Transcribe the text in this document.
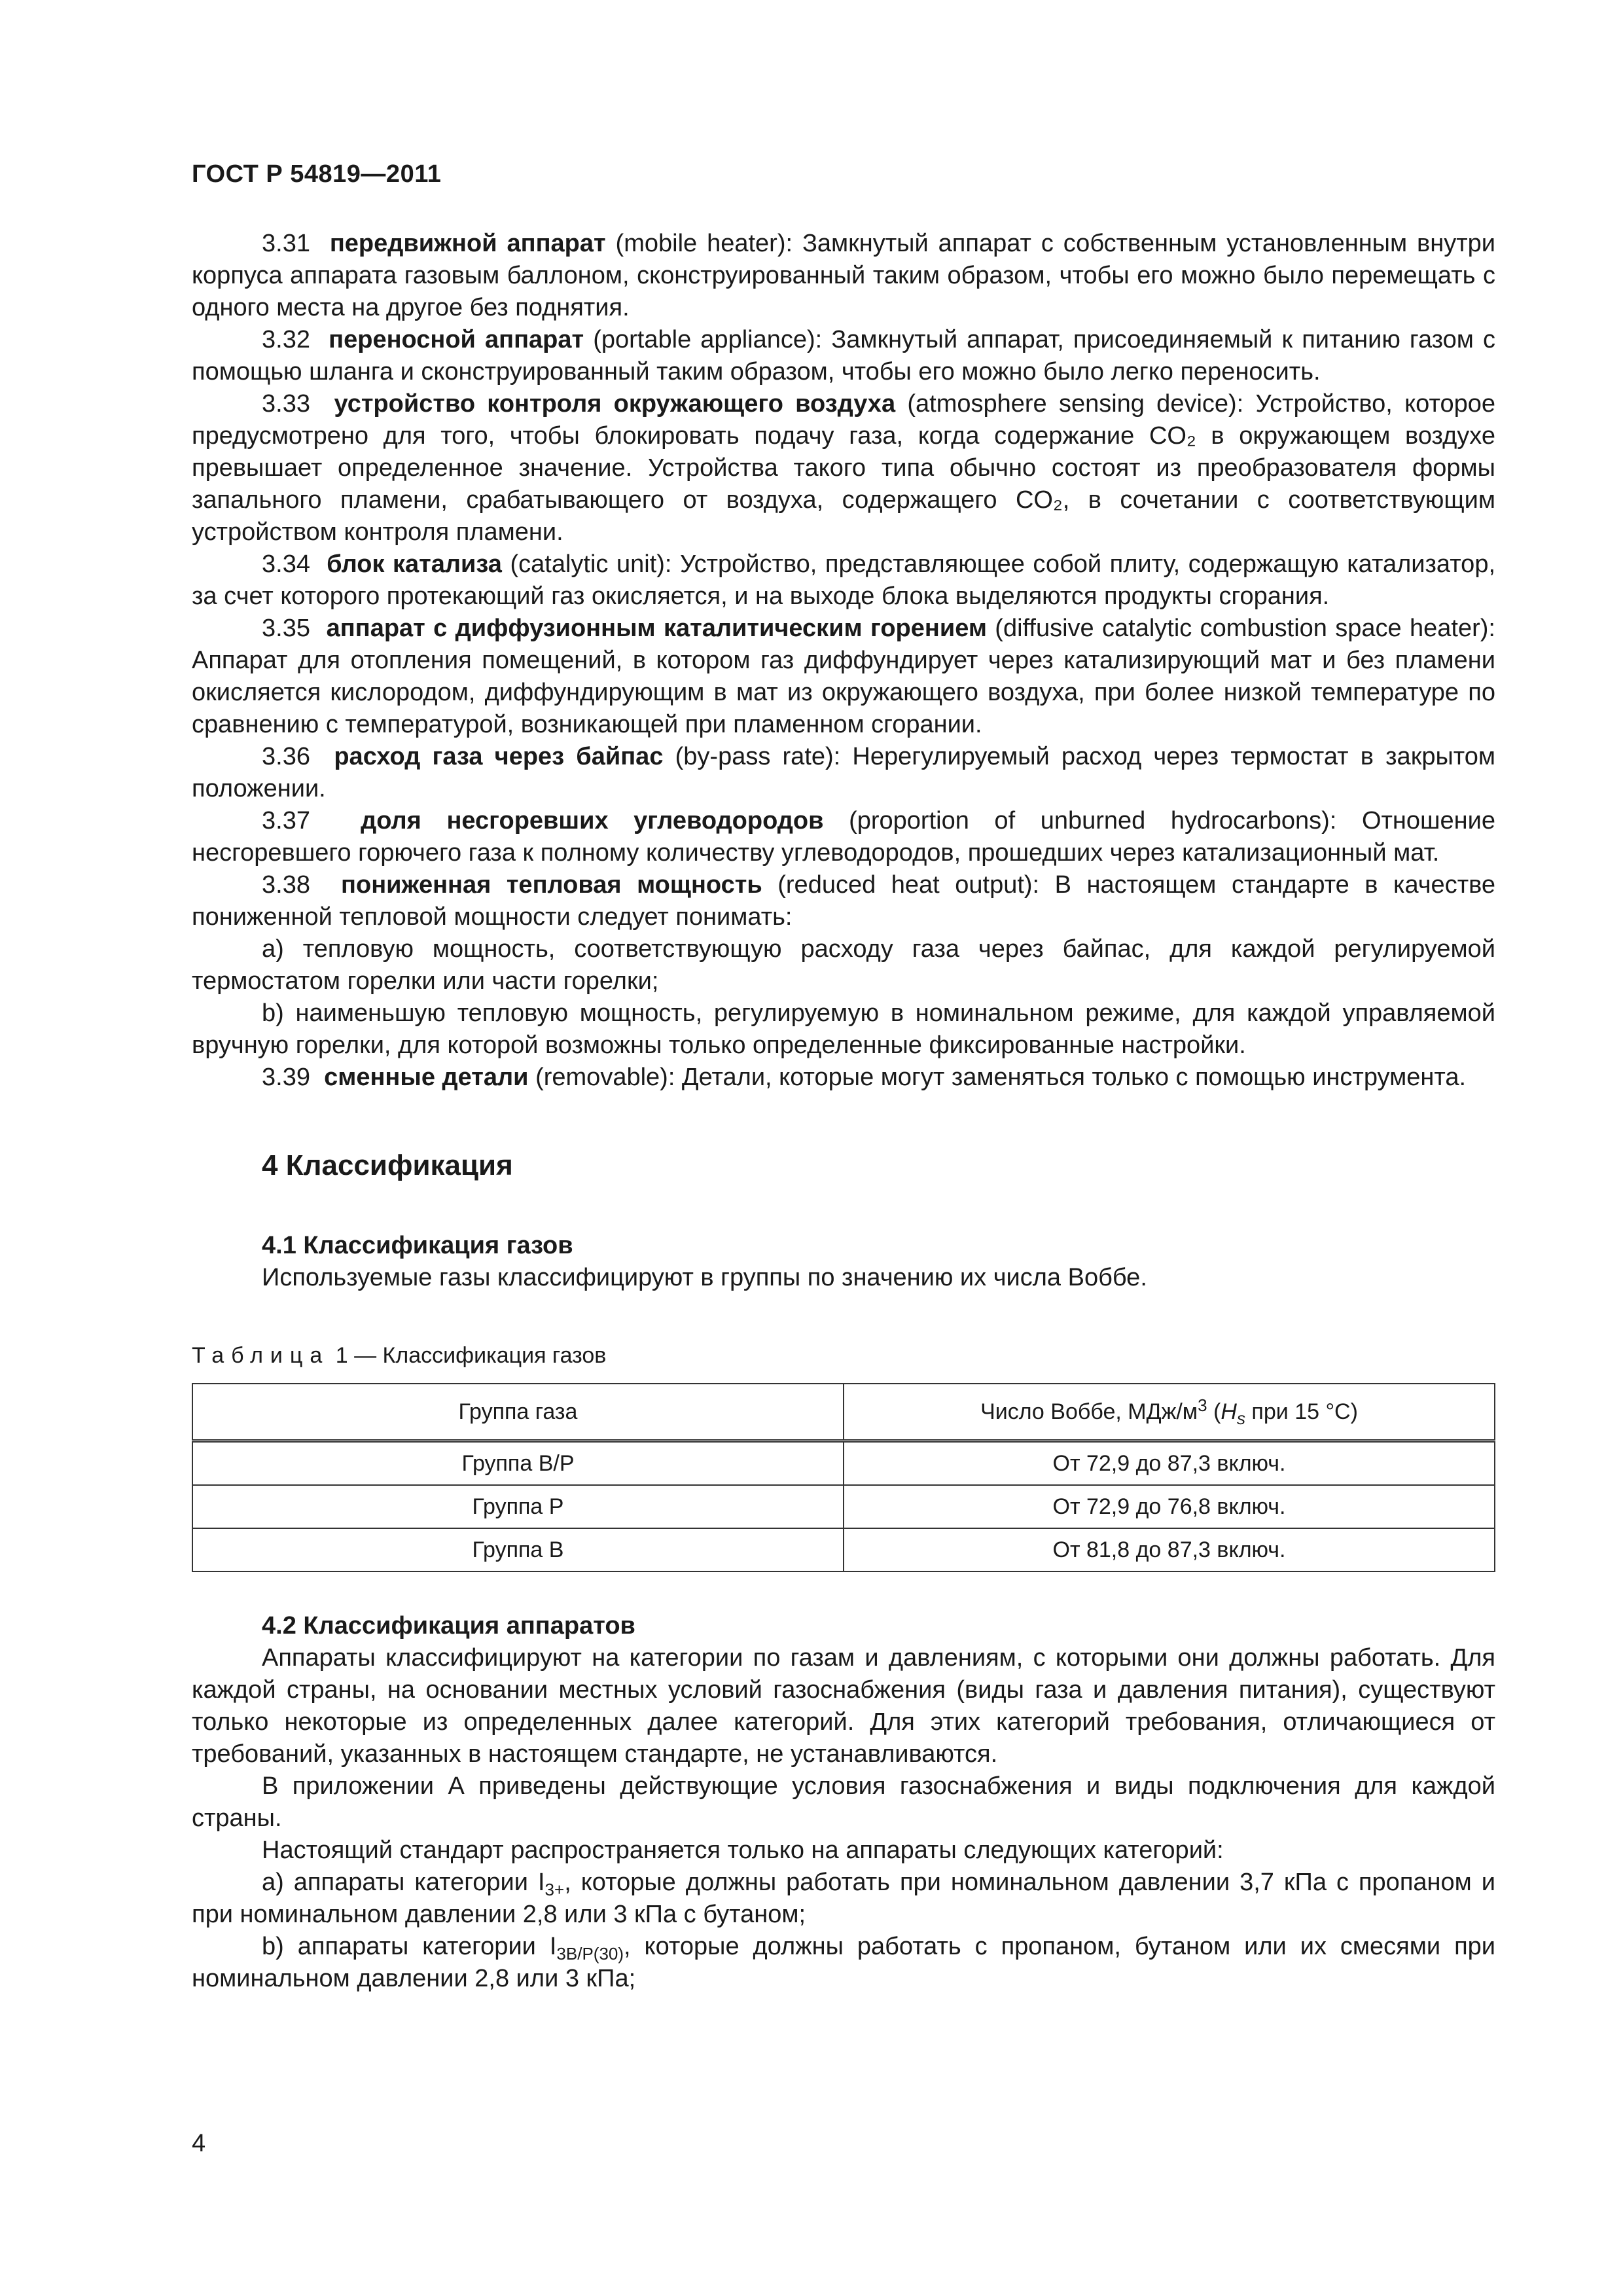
ГОСТ Р 54819—2011

3.31 передвижной аппарат (mobile heater): Замкнутый аппарат с собственным установленным внутри корпуса аппарата газовым баллоном, сконструированный таким образом, чтобы его можно было перемещать с одного места на другое без поднятия.

3.32 переносной аппарат (portable appliance): Замкнутый аппарат, присоединяемый к питанию газом с помощью шланга и сконструированный таким образом, чтобы его можно было легко переносить.

3.33 устройство контроля окружающего воздуха (atmosphere sensing device): Устройство, которое предусмотрено для того, чтобы блокировать подачу газа, когда содержание CO₂ в окружающем воздухе превышает определенное значение. Устройства такого типа обычно состоят из преобразователя формы запального пламени, срабатывающего от воздуха, содержащего CO₂, в сочетании с соответствующим устройством контроля пламени.

3.34 блок катализа (catalytic unit): Устройство, представляющее собой плиту, содержащую катализатор, за счет которого протекающий газ окисляется, и на выходе блока выделяются продукты сгорания.

3.35 аппарат с диффузионным каталитическим горением (diffusive catalytic combustion space heater): Аппарат для отопления помещений, в котором газ диффундирует через катализирующий мат и без пламени окисляется кислородом, диффундирующим в мат из окружающего воздуха, при более низкой температуре по сравнению с температурой, возникающей при пламенном сгорании.

3.36 расход газа через байпас (by-pass rate): Нерегулируемый расход через термостат в закрытом положении.

3.37 доля несгоревших углеводородов (proportion of unburned hydrocarbons): Отношение несгоревшего горючего газа к полному количеству углеводородов, прошедших через катализационный мат.

3.38 пониженная тепловая мощность (reduced heat output): В настоящем стандарте в качестве пониженной тепловой мощности следует понимать:

a) тепловую мощность, соответствующую расходу газа через байпас, для каждой регулируемой термостатом горелки или части горелки;

b) наименьшую тепловую мощность, регулируемую в номинальном режиме, для каждой управляемой вручную горелки, для которой возможны только определенные фиксированные настройки.

3.39 сменные детали (removable): Детали, которые могут заменяться только с помощью инструмента.

4 Классификация
4.1 Классификация газов

Используемые газы классифицируют в группы по значению их числа Воббе.

Таблица 1 — Классификация газов
Группа газа	Число Воббе, МДж/$м^3$ ($H_s$ при 15 °C)
Группа B/P	От 72,9 до 87,3 включ.
Группа P	От 72,9 до 76,8 включ.
Группа B	От 81,8 до 87,3 включ.
4.2 Классификация аппаратов

Аппараты классифицируют на категории по газам и давлениям, с которыми они должны работать. Для каждой страны, на основании местных условий газоснабжения (виды газа и давления питания), существуют только некоторые из определенных далее категорий. Для этих категорий требования, отличающиеся от требований, указанных в настоящем стандарте, не устанавливаются.

В приложении А приведены действующие условия газоснабжения и виды подключения для каждой страны.

Настоящий стандарт распространяется только на аппараты следующих категорий:

a) аппараты категории $I_{3+}$, которые должны работать при номинальном давлении 3,7 кПа с пропаном и при номинальном давлении 2,8 или 3 кПа с бутаном;

b) аппараты категории $I_{3B/P(30)}$, которые должны работать с пропаном, бутаном или их смесями при номинальном давлении 2,8 или 3 кПа;

4
